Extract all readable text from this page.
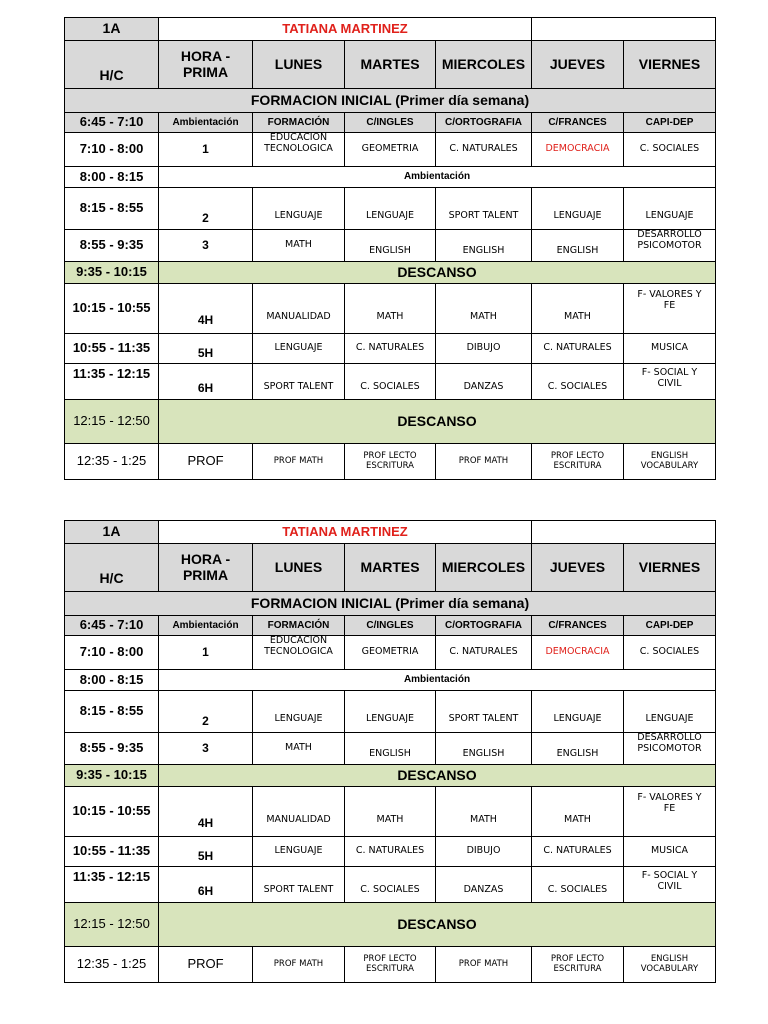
1A	TATIANA MARTINEZ					
H/C	HORA - PRIMA	LUNES	MARTES	MIERCOLES	JUEVES	VIERNES
FORMACION INICIAL (Primer día semana)						
6:45 - 7:10	Ambientación	FORMACIÓN	C/INGLES	C/ORTOGRAFIA	C/FRANCES	CAPI-DEP
7:10 - 8:00	1	EDUCACION TECNOLOGICA	GEOMETRIA	C. NATURALES	DEMOCRACIA	C. SOCIALES
8:00 - 8:15	Ambientación					
8:15 - 8:55	2	LENGUAJE	LENGUAJE	SPORT TALENT	LENGUAJE	LENGUAJE
8:55 - 9:35	3	MATH	ENGLISH	ENGLISH	ENGLISH	DESARROLLO PSICOMOTOR
9:35 - 10:15	DESCANSO					
10:15 - 10:55	4H	MANUALIDAD	MATH	MATH	MATH	F- VALORES Y FE
10:55 - 11:35	5H	LENGUAJE	C. NATURALES	DIBUJO	C. NATURALES	MUSICA
11:35 - 12:15	6H	SPORT TALENT	C. SOCIALES	DANZAS	C. SOCIALES	F- SOCIAL Y CIVIL
12:15 - 12:50	DESCANSO					
12:35 - 1:25	PROF	PROF MATH	PROF LECTO ESCRITURA	PROF MATH	PROF LECTO ESCRITURA	ENGLISH VOCABULARY
1A	TATIANA MARTINEZ					
H/C	HORA - PRIMA	LUNES	MARTES	MIERCOLES	JUEVES	VIERNES
FORMACION INICIAL (Primer día semana)						
6:45 - 7:10	Ambientación	FORMACIÓN	C/INGLES	C/ORTOGRAFIA	C/FRANCES	CAPI-DEP
7:10 - 8:00	1	EDUCACION TECNOLOGICA	GEOMETRIA	C. NATURALES	DEMOCRACIA	C. SOCIALES
8:00 - 8:15	Ambientación					
8:15 - 8:55	2	LENGUAJE	LENGUAJE	SPORT TALENT	LENGUAJE	LENGUAJE
8:55 - 9:35	3	MATH	ENGLISH	ENGLISH	ENGLISH	DESARROLLO PSICOMOTOR
9:35 - 10:15	DESCANSO					
10:15 - 10:55	4H	MANUALIDAD	MATH	MATH	MATH	F- VALORES Y FE
10:55 - 11:35	5H	LENGUAJE	C. NATURALES	DIBUJO	C. NATURALES	MUSICA
11:35 - 12:15	6H	SPORT TALENT	C. SOCIALES	DANZAS	C. SOCIALES	F- SOCIAL Y CIVIL
12:15 - 12:50	DESCANSO					
12:35 - 1:25	PROF	PROF MATH	PROF LECTO ESCRITURA	PROF MATH	PROF LECTO ESCRITURA	ENGLISH VOCABULARY
